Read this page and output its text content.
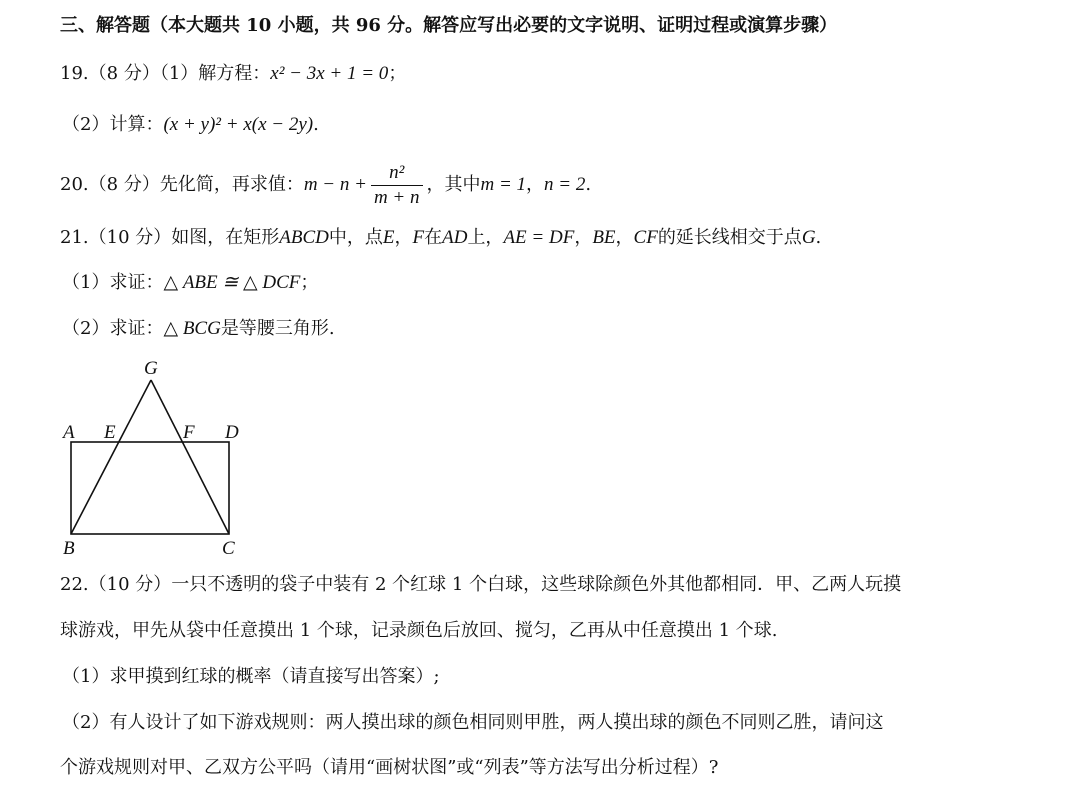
三、解答题（本大题共 10 小题，共 96 分。解答应写出必要的文字说明、证明过程或演算步骤）
19.（8 分）（1）解方程：x² − 3x + 1 = 0；
（2）计算：(x + y)² + x(x − 2y).
20.（8 分）先化简，再求值：$m - n + \frac{\text{n²}}{m + n}$ ，其中m = 1，n = 2.
21.（10 分）如图，在矩形ABCD中，点E，F在AD上，AE = DF，BE，CF的延长线相交于点G.
（1）求证：△ ABE ≅ △ DCF；
（2）求证：△ BCG是等腰三角形.
G
A E	F D
B	C
22.（10 分）一只不透明的袋子中装有 2 个红球 1 个白球，这些球除颜色外其他都相同．甲、乙两人玩摸
球游戏，甲先从袋中任意摸出 1 个球，记录颜色后放回、搅匀，乙再从中任意摸出 1 个球.
（1）求甲摸到红球的概率（请直接写出答案）;
（2）有人设计了如下游戏规则：两人摸出球的颜色相同则甲胜，两人摸出球的颜色不同则乙胜，请问这
个游戏规则对甲、乙双方公平吗（请用“画树状图”或“列表”等方法写出分析过程）?
